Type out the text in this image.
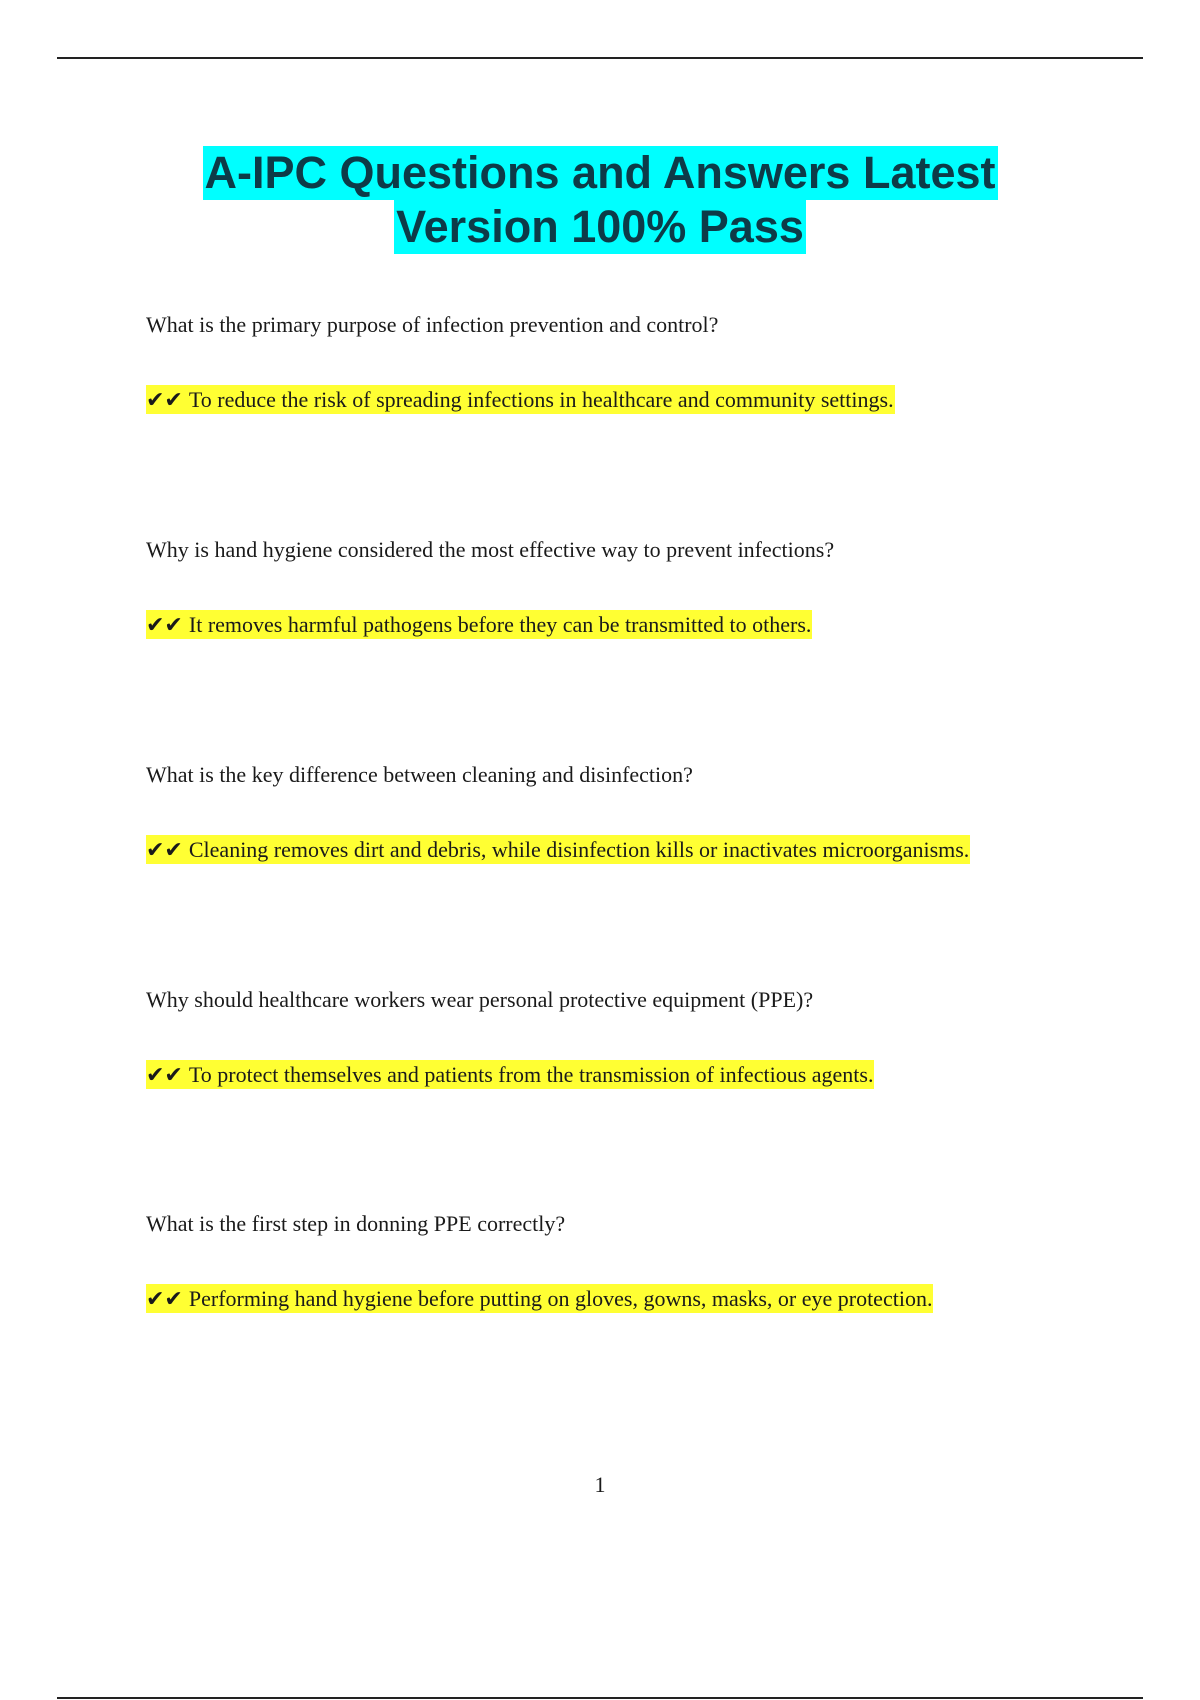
A-IPC Questions and Answers Latest
Version 100% Pass

What is the primary purpose of infection prevention and control?

✔✔ To reduce the risk of spreading infections in healthcare and community settings.

Why is hand hygiene considered the most effective way to prevent infections?

✔✔ It removes harmful pathogens before they can be transmitted to others.

What is the key difference between cleaning and disinfection?

✔✔ Cleaning removes dirt and debris, while disinfection kills or inactivates microorganisms.

Why should healthcare workers wear personal protective equipment (PPE)?

✔✔ To protect themselves and patients from the transmission of infectious agents.

What is the first step in donning PPE correctly?

✔✔ Performing hand hygiene before putting on gloves, gowns, masks, or eye protection.
1
